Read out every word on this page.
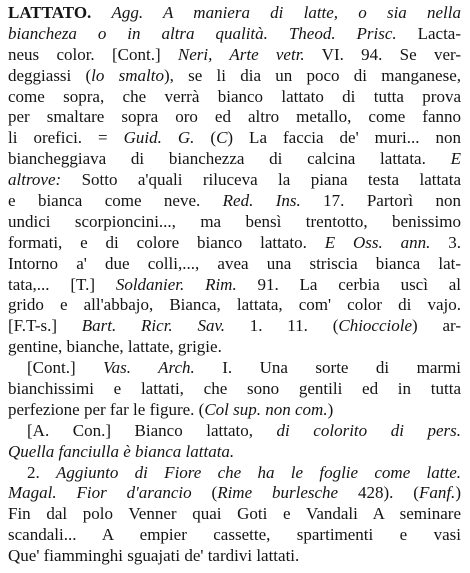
LATTATO. Agg. A maniera di latte, o sia nella
biancheza o in altra qualità. Theod. Prisc. Lacta-
neus color. [Cont.] Neri, Arte vetr. VI. 94. Se ver-
deggiassi (lo smalto), se li dia un poco di manganese,
come sopra, che verrà bianco lattato di tutta prova
per smaltare sopra oro ed altro metallo, come fanno
li orefici. = Guid. G. (C) La faccia de' muri... non
biancheggiava di bianchezza di calcina lattata. E
altrove: Sotto a'quali riluceva la piana testa lattata
e bianca come neve. Red. Ins. 17. Partorì non
undici scorpioncini..., ma bensì trentotto, benissimo
formati, e di colore bianco lattato. E Oss. ann. 3.
Intorno a' due colli,..., avea una striscia bianca lat-
tata,... [T.] Soldanier. Rim. 91. La cerbia uscì al
grido e all'abbajo, Bianca, lattata, com' color di vajo.
[F.T-s.] Bart. Ricr. Sav. 1. 11. (Chiocciole) ar-
gentine, bianche, lattate, grigie.
[Cont.] Vas. Arch. I. Una sorte di marmi
bianchissimi e lattati, che sono gentili ed in tutta
perfezione per far le figure. (Col sup. non com.)
[A. Con.] Bianco lattato, di colorito di pers.
Quella fanciulla è bianca lattata.
2. Aggiunto di Fiore che ha le foglie come latte.
Magal. Fior d'arancio (Rime burlesche 428). (Fanf.)
Fin dal polo Venner quai Goti e Vandali A seminare
scandali... A empier cassette, spartimenti e vasi
Que' fiamminghi sguajati de' tardivi lattati.
